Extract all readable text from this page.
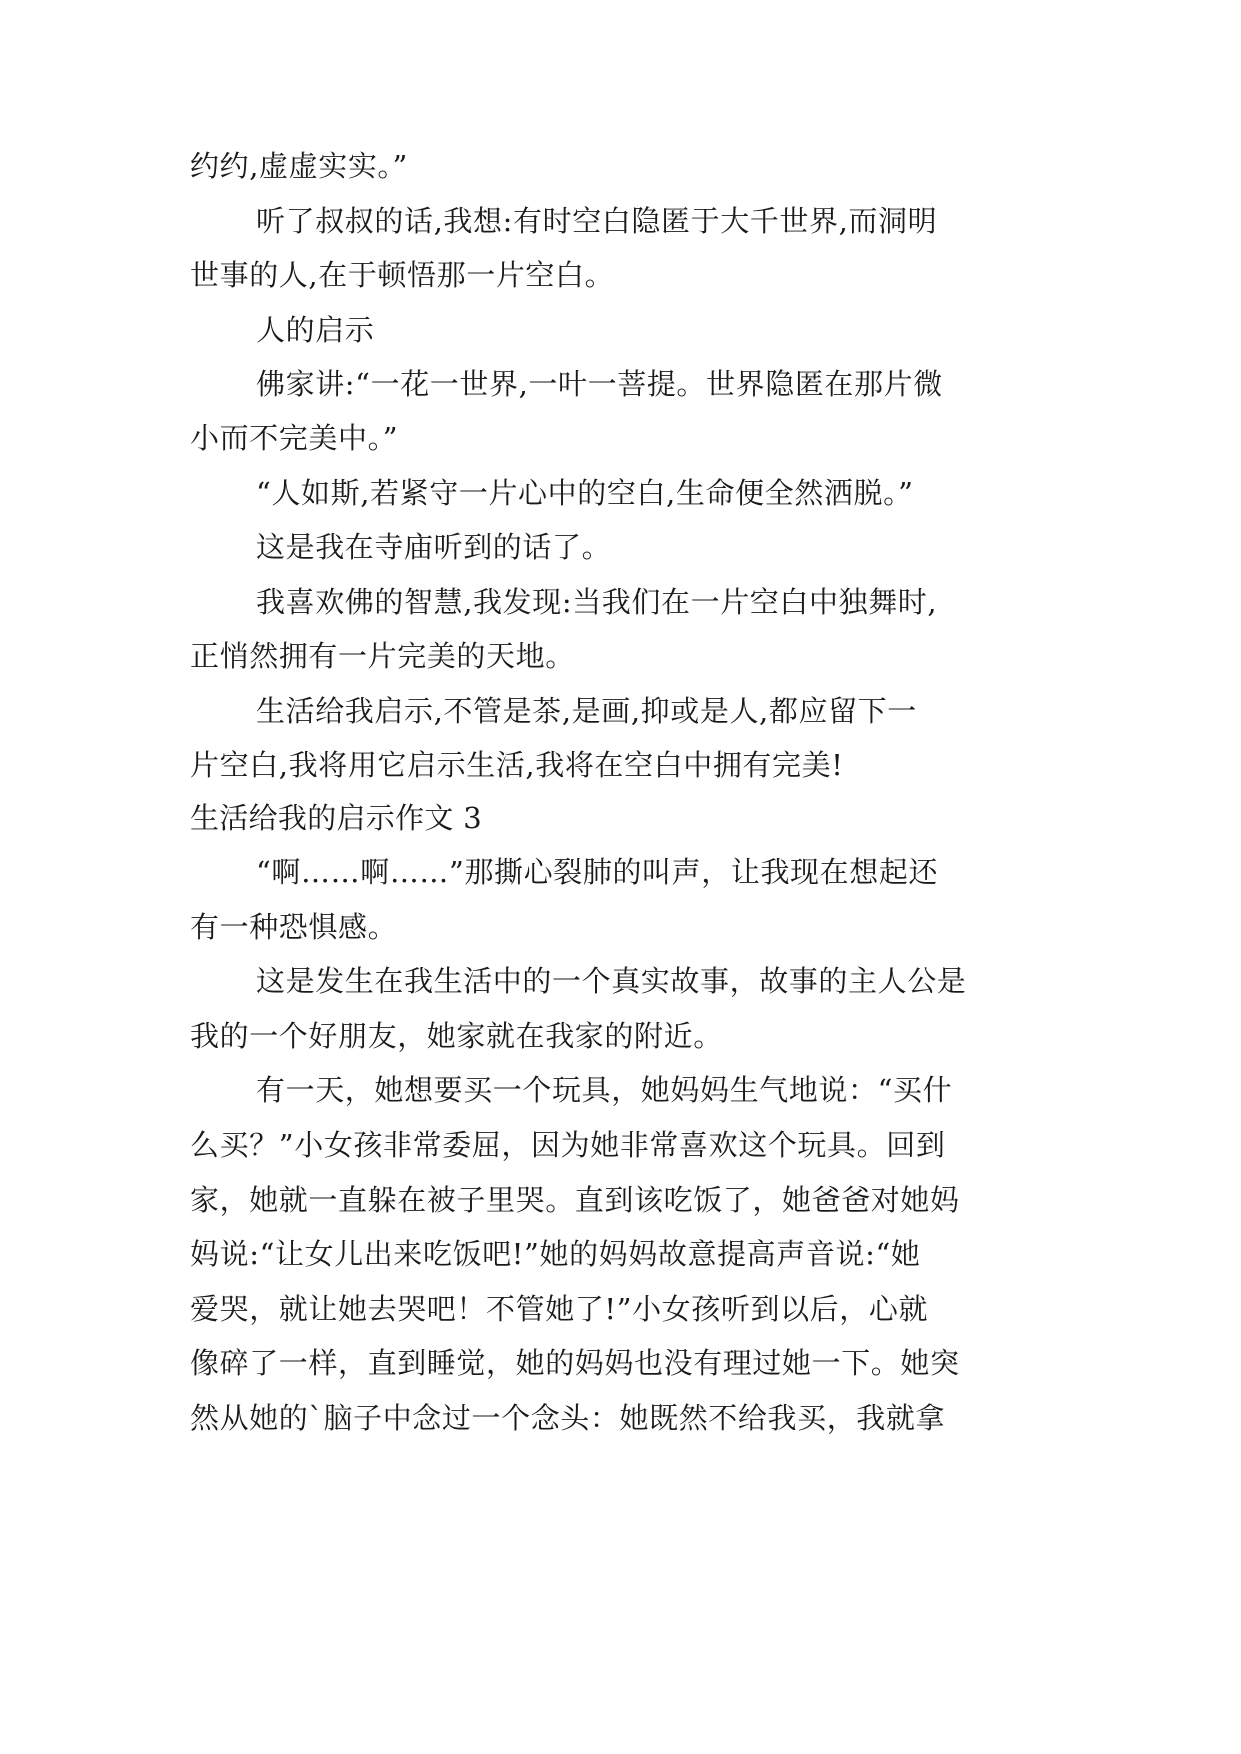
约约,虚虚实实。”
听了叔叔的话,我想:有时空白隐匿于大千世界,而洞明
世事的人,在于顿悟那一片空白。
人的启示
佛家讲:“一花一世界,一叶一菩提。世界隐匿在那片微
小而不完美中。”
“人如斯,若紧守一片心中的空白,生命便全然洒脱。”
这是我在寺庙听到的话了。
我喜欢佛的智慧,我发现:当我们在一片空白中独舞时,
正悄然拥有一片完美的天地。
生活给我启示,不管是茶,是画,抑或是人,都应留下一
片空白,我将用它启示生活,我将在空白中拥有完美!
生活给我的启示作文 3
“啊……啊……”那撕心裂肺的叫声，让我现在想起还
有一种恐惧感。
这是发生在我生活中的一个真实故事，故事的主人公是
我的一个好朋友，她家就在我家的附近。
有一天，她想要买一个玩具，她妈妈生气地说：“买什
么买？”小女孩非常委屈，因为她非常喜欢这个玩具。回到
家，她就一直躲在被子里哭。直到该吃饭了，她爸爸对她妈
妈说:“让女儿出来吃饭吧!”她的妈妈故意提高声音说:“她
爱哭，就让她去哭吧！不管她了!”小女孩听到以后，心就
像碎了一样，直到睡觉，她的妈妈也没有理过她一下。她突
然从她的`脑子中念过一个念头：她既然不给我买，我就拿
